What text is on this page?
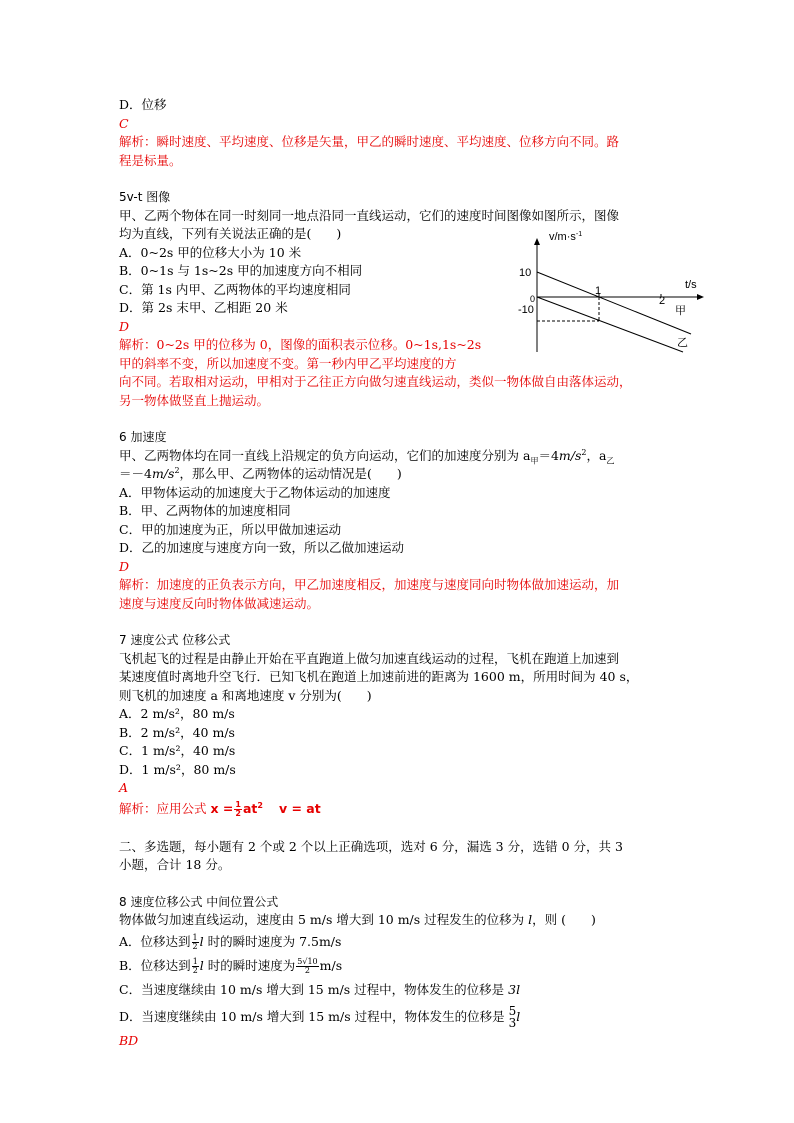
D．位移
C
解析：瞬时速度、平均速度、位移是矢量，甲乙的瞬时速度、平均速度、位移方向不同。路
程是标量。
5v-t 图像
甲、乙两个物体在同一时刻同一地点沿同一直线运动，它们的速度时间图像如图所示，图像
均为直线，下列有关说法正确的是(　　)
A．0~2s 甲的位移大小为 10 米
B．0~1s 与 1s~2s 甲的加速度方向不相同
C．第 1s 内甲、乙两物体的平均速度相同
D．第 2s 末甲、乙相距 20 米
D
解析：0~2s 甲的位移为 0，图像的面积表示位移。0~1s,1s~2s
甲的斜率不变，所以加速度不变。第一秒内甲乙平均速度的方
向不同。若取相对运动，甲相对于乙往正方向做匀速直线运动，类似一物体做自由落体运动，
另一物体做竖直上抛运动。
6 加速度
甲、乙两物体均在同一直线上沿规定的负方向运动，它们的加速度分别为 $a_甲=4m/s^2$，$a_乙$
$=-4m/s^2$，那么甲、乙两物体的运动情况是(　　)
A．甲物体运动的加速度大于乙物体运动的加速度
B．甲、乙两物体的加速度相同
C．甲的加速度为正，所以甲做加速运动
D．乙的加速度与速度方向一致，所以乙做加速运动
D
解析：加速度的正负表示方向，甲乙加速度相反，加速度与速度同向时物体做加速运动，加
速度与速度反向时物体做减速运动。
7 速度公式 位移公式
飞机起飞的过程是由静止开始在平直跑道上做匀加速直线运动的过程，飞机在跑道上加速到
某速度值时离地升空飞行．已知飞机在跑道上加速前进的距离为 1600 m，所用时间为 40 s，
则飞机的加速度 a 和离地速度 v 分别为(　　)
A．2 m/s²，80 m/s
B．2 m/s²，40 m/s
C．1 m/s²，40 m/s
D．1 m/s²，80 m/s
A
解析：应用公式 $x = \frac{1}{2} at^2$ v = at
二、多选题，每小题有 2 个或 2 个以上正确选项，选对 6 分，漏选 3 分，选错 0 分，共 3
小题，合计 18 分。
8 速度位移公式 中间位置公式
物体做匀加速直线运动，速度由 5 m/s 增大到 10 m/s 过程发生的位移为 l，则 (　　)
A．位移达到 $\frac{1}{2}$ l 时的瞬时速度为 7.5m/s
B．位移达到 $\frac{1}{2}$ l 时的瞬时速度为 $\frac{5√10}{2} m/s$
C．当速度继续由 10 m/s 增大到 15 m/s 过程中，物体发生的位移是 3l
D．当速度继续由 10 m/s 增大到 15 m/s 过程中，物体发生的位移是 5
3 l
BD
$v/m\cdot s^{-1}$
t/s
10
-10
0
1
2
甲
乙
